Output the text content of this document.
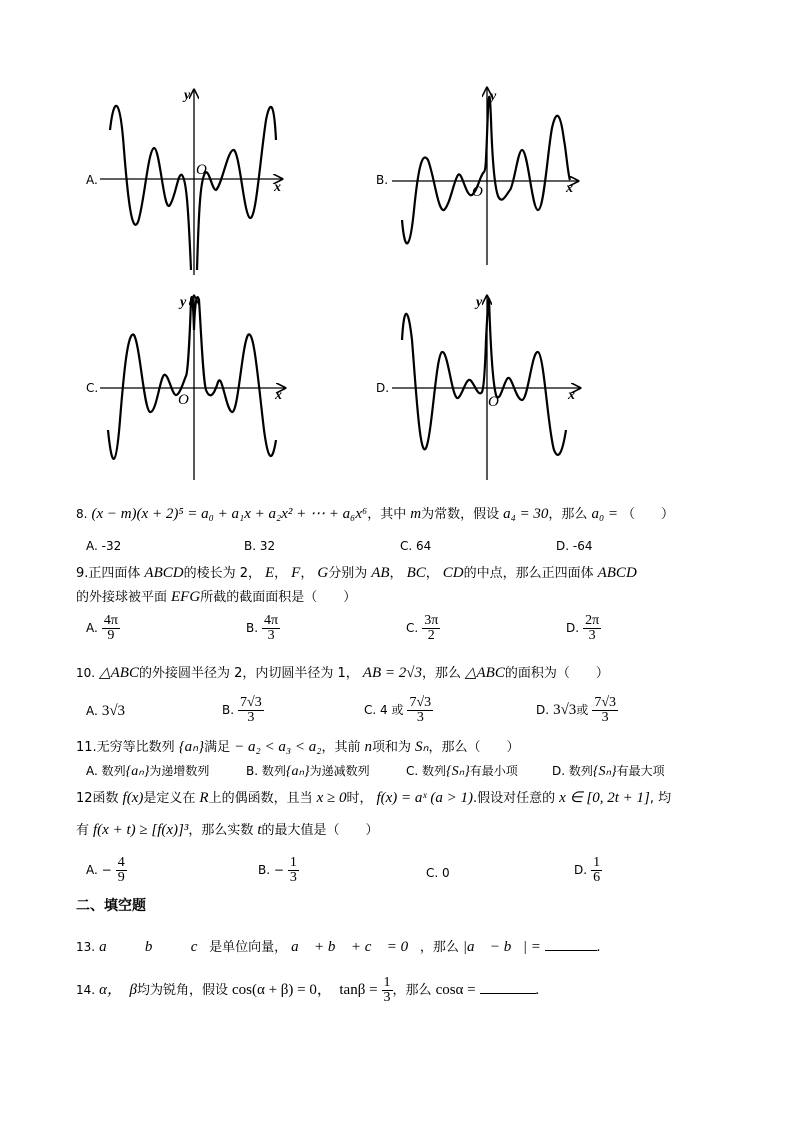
y
x
O
y
x
O
y
x
O
y
x
O
A.	B.
C.	D.
8. (x − m)(x + 2)⁵ = a₀ + a₁x + a₂x² + ⋯ + a₆x⁶，其中 m为常数，假设 a₄ = 30，那么 a₀ = （　　）
A. -32	B. 32	C. 64	D. -64
9.正四面体 ABCD的棱长为 2， E， F， G分别为 AB， BC， CD的中点，那么正四面体 ABCD
的外接球被平面 EFG所截的截面面积是（　　）
A. $\frac{4\pi}{9}$	B. $\frac{4\pi}{3}$	C. $\frac{3\pi}{2}$	D. $\frac{2\pi}{3}$
10. △ABC的外接圆半径为 2，内切圆半径为 1， AB = 2√3，那么 △ABC的面积为（　　）
A. 3√3	B. $\frac{7√3}{3}$	C. 4 或 $\frac{7√3}{3}$	D. 3√3或 $\frac{7√3}{3}$
11.无穷等比数列 {aₙ}满足 − a₂ < a₃ < a₂，其前 n项和为 Sₙ，那么（　　）
A. 数列{aₙ}为递增数列	B. 数列{aₙ}为递减数列	C. 数列{Sₙ}有最小项	D. 数列{Sₙ}有最大项
12函数 f(x)是定义在 R上的偶函数，且当 x ≥ 0时， f(x) = aˣ (a > 1).假设对任意的 x ∈ [0, 2t + 1], 均
有 f(x + t) ≥ [f(x)]³，那么实数 t的最大值是（　　）
A. − $\frac{4}{9}$	B. − $\frac{1}{3}$	C. 0	D. $\frac{1}{6}$
二、填空题
13. a⃗，　b⃗，　c⃗是单位向量， a⃗ + b⃗ + c⃗ = 0⃗，那么 |a⃗ − b⃗| =	.
14. α，　β均为锐角，假设 cos(α + β) = 0，　$\tan\beta = \frac{1}{3}$ ，那么 cosα =	.
